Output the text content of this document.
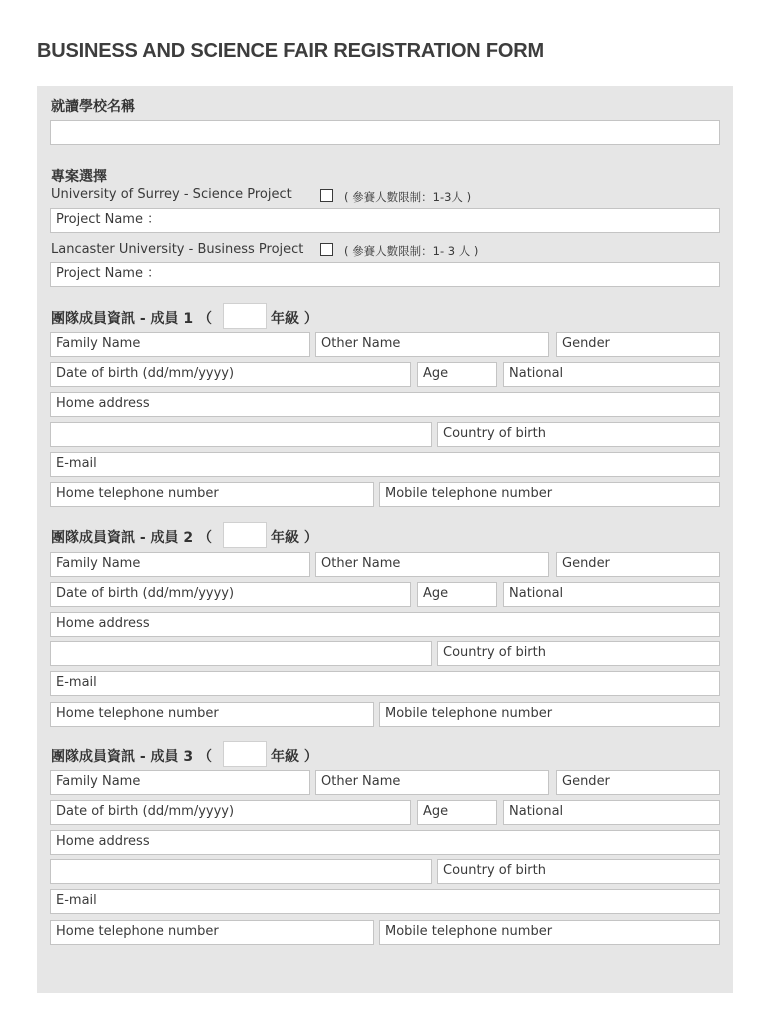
BUSINESS AND SCIENCE FAIR REGISTRATION FORM
就讀學校名稱
專案選擇
University of Surrey - Science Project	( 參賽人數限制：1-3人 )
Project Name ：
Lancaster University - Business Project	( 參賽人數限制：1- 3 人 )
Project Name ：
團隊成員資訊 - 成員 1 （	年級 ）
Family Name	Other Name	Gender
Date of birth (dd/mm/yyyy)	Age	National
Home address
Country of birth
E-mail
Home telephone number	Mobile telephone number
團隊成員資訊 - 成員 2 （	年級 ）
Family Name	Other Name	Gender
Date of birth (dd/mm/yyyy)	Age	National
Home address
Country of birth
E-mail
Home telephone number	Mobile telephone number
團隊成員資訊 - 成員 3 （	年級 ）
Family Name	Other Name	Gender
Date of birth (dd/mm/yyyy)	Age	National
Home address
Country of birth
E-mail
Home telephone number	Mobile telephone number
